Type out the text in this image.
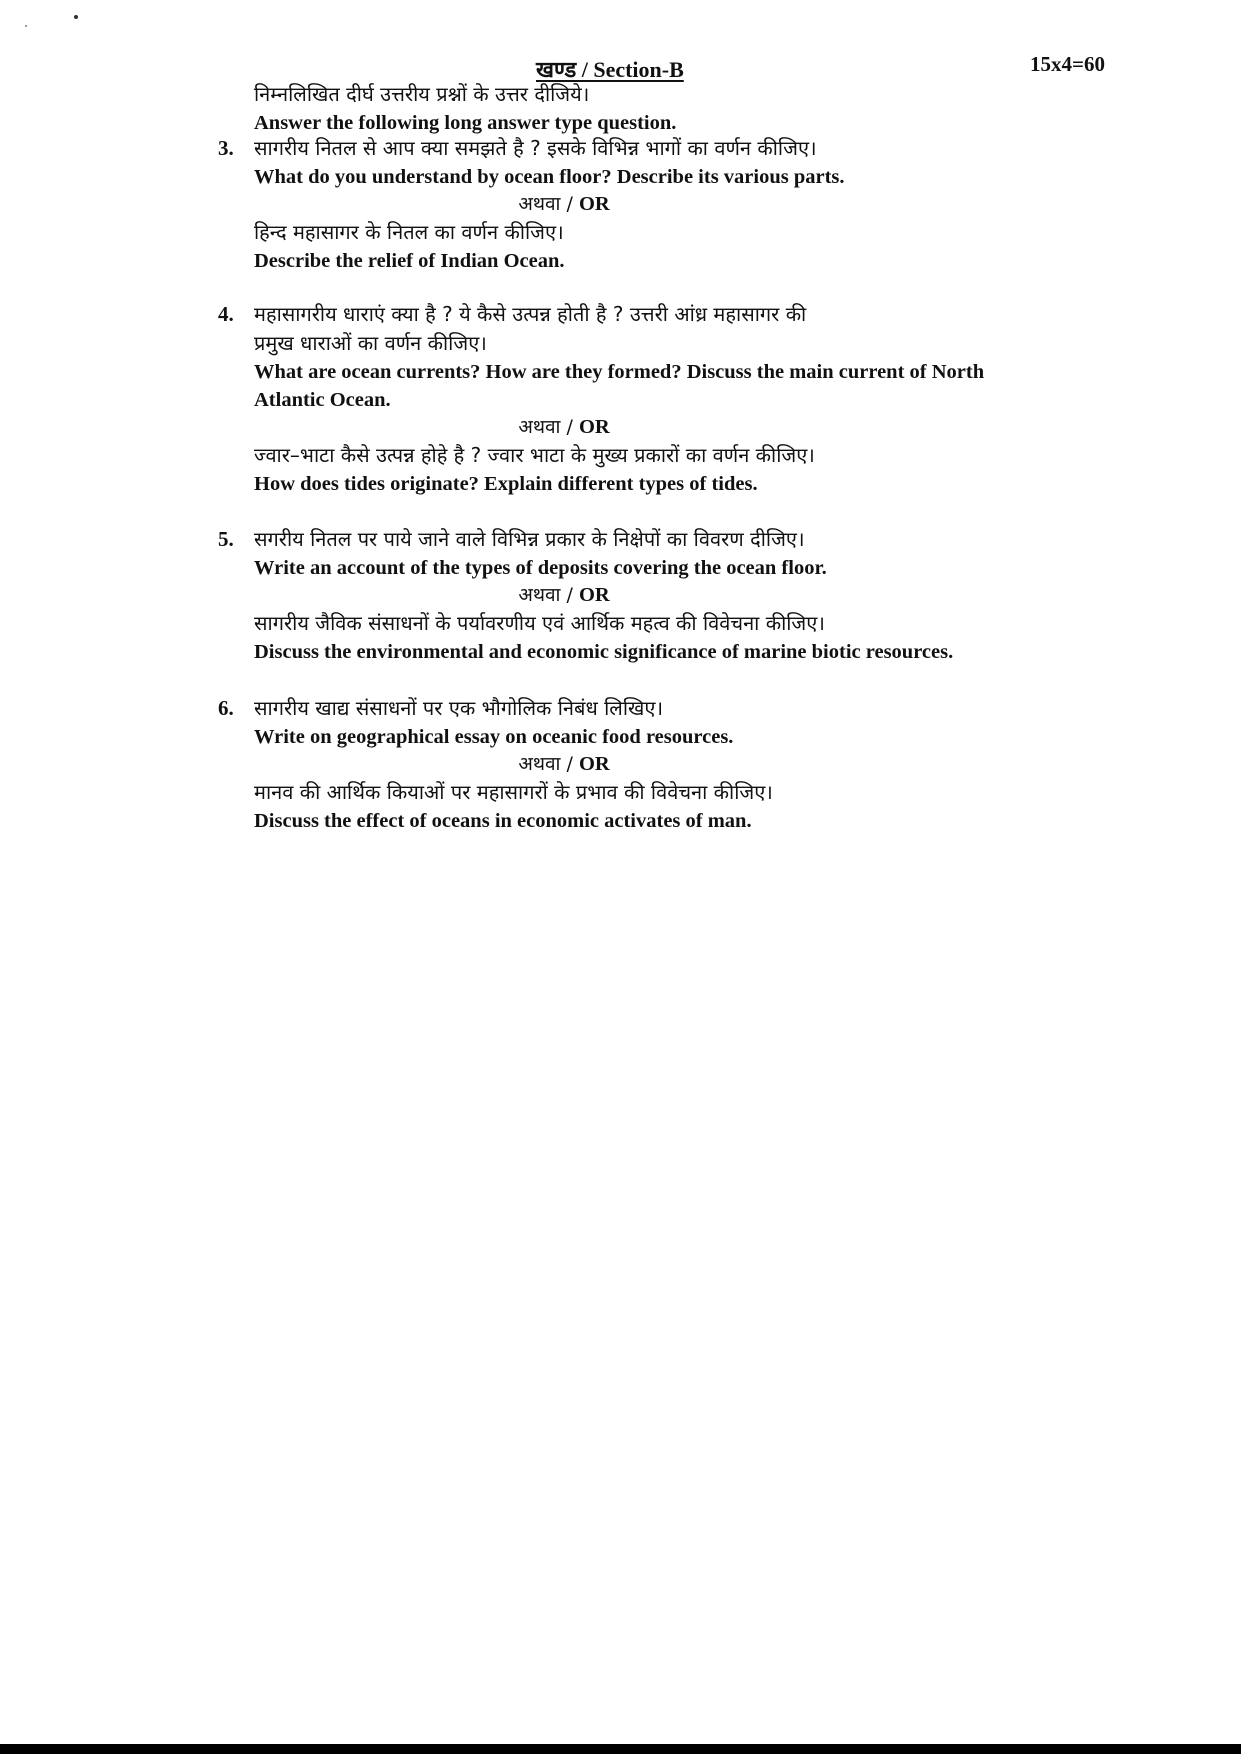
खण्ड / Section-B	15x4=60
निम्नलिखित दीर्घ उत्तरीय प्रश्नों के उत्तर दीजिये।
Answer the following long answer type question.
3. सागरीय नितल से आप क्या समझते है ? इसके विभिन्न भागों का वर्णन कीजिए।
What do you understand by ocean floor? Describe its various parts.
अथवा / OR
हिन्द महासागर के नितल का वर्णन कीजिए।
Describe the relief of Indian Ocean.
4. महासागरीय धाराएं क्या है ? ये कैसे उत्पन्न होती है ? उत्तरी आंध्र महासागर की
प्रमुख धाराओं का वर्णन कीजिए।
What are ocean currents? How are they formed? Discuss the main current of North
Atlantic Ocean.
अथवा / OR
ज्वार–भाटा कैसे उत्पन्न होहे है ? ज्वार भाटा के मुख्य प्रकारों का वर्णन कीजिए।
How does tides originate? Explain different types of tides.
5. सगरीय नितल पर पाये जाने वाले विभिन्न प्रकार के निक्षेपों का विवरण दीजिए।
Write an account of the types of deposits covering the ocean floor.
अथवा / OR
सागरीय जैविक संसाधनों के पर्यावरणीय एवं आर्थिक महत्व की विवेचना कीजिए।
Discuss the environmental and economic significance of marine biotic resources.
6. सागरीय खाद्य संसाधनों पर एक भौगोलिक निबंध लिखिए।
Write on geographical essay on oceanic food resources.
अथवा / OR
मानव की आर्थिक कियाओं पर महासागरों के प्रभाव की विवेचना कीजिए।
Discuss the effect of oceans in economic activates of man.
